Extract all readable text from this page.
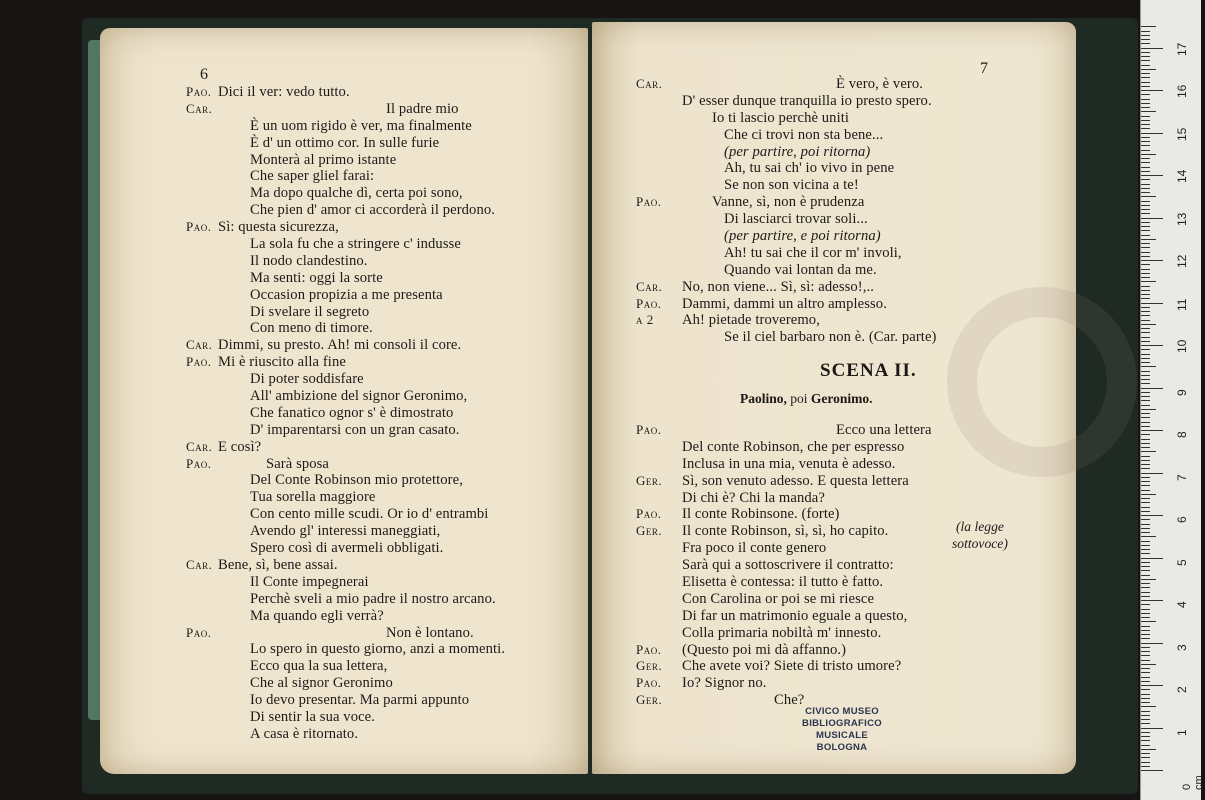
6
Pao. Dici il ver: vedo tutto.
Car.	Il padre mio
È un uom rigido è ver, ma finalmente
È d' un ottimo cor. In sulle furie
Monterà al primo istante
Che saper gliel farai:
Ma dopo qualche dì, certa poi sono,
Che pien d' amor ci accorderà il perdono.
Pao. Sì: questa sicurezza,
La sola fu che a stringere c' indusse
Il nodo clandestino.
Ma senti: oggi la sorte
Occasion propizia a me presenta
Di svelare il segreto
Con meno di timore.
Car. Dimmi, su presto. Ah! mi consoli il core.
Pao. Mi è riuscito alla fine
Di poter soddisfare
All' ambizione del signor Geronimo,
Che fanatico ognor s' è dimostrato
D' imparentarsi con un gran casato.
Car. E così?
Pao.	Sarà sposa
Del Conte Robinson mio protettore,
Tua sorella maggiore
Con cento mille scudi. Or io d' entrambi
Avendo gl' interessi maneggiati,
Spero così di avermeli obbligati.
Car. Bene, sì, bene assai.
Il Conte impegnerai
Perchè sveli a mio padre il nostro arcano.
Ma quando egli verrà?
Pao.	Non è lontano.
Lo spero in questo giorno, anzi a momenti.
Ecco qua la sua lettera,
Che al signor Geronimo
Io devo presentar. Ma parmi appunto
Di sentir la sua voce.
A casa è ritornato.
7
Car.	È vero, è vero.
D' esser dunque tranquilla io presto spero.
Io ti lascio perchè uniti
Che ci trovi non sta bene...
(per partire, poi ritorna)
Ah, tu sai ch' io vivo in pene
Se non son vicina a te!
Pao.	Vanne, sì, non è prudenza
Di lasciarci trovar soli...
(per partire, e poi ritorna)
Ah! tu sai che il cor m' involi,
Quando vai lontan da me.
Car. No, non viene... Sì, sì: adesso!,..
Pao. Dammi, dammi un altro amplesso.
a 2 Ah! pietade troveremo,
Se il ciel barbaro non è. (Car. parte)
SCENA II.
Paolino, poi Geronimo.
Pao.	Ecco una lettera
Del conte Robinson, che per espresso
Inclusa in una mia, venuta è adesso.
Ger. Sì, son venuto adesso. E questa lettera
Di chi è? Chi la manda?
Pao. Il conte Robinsone. (forte)
Ger. Il conte Robinson, sì, sì, ho capito.
Fra poco il conte genero
Sarà qui a sottoscrivere il contratto:
Elisetta è contessa: il tutto è fatto.
Con Carolina or poi se mi riesce
Di far un matrimonio eguale a questo,
Colla primaria nobiltà m' innesto.
Pao. (Questo poi mi dà affanno.)
Ger. Che avete voi? Siete di tristo umore?
Pao. Io? Signor no.
Ger.	Che?
(la legge
sottovoce)
CIVICO MUSEO
BIBLIOGRAFICO MUSICALE
BOLOGNA
0 cm
1
2
3
4
5
6
7
8
9
10
11
12
13
14
15
16
17
